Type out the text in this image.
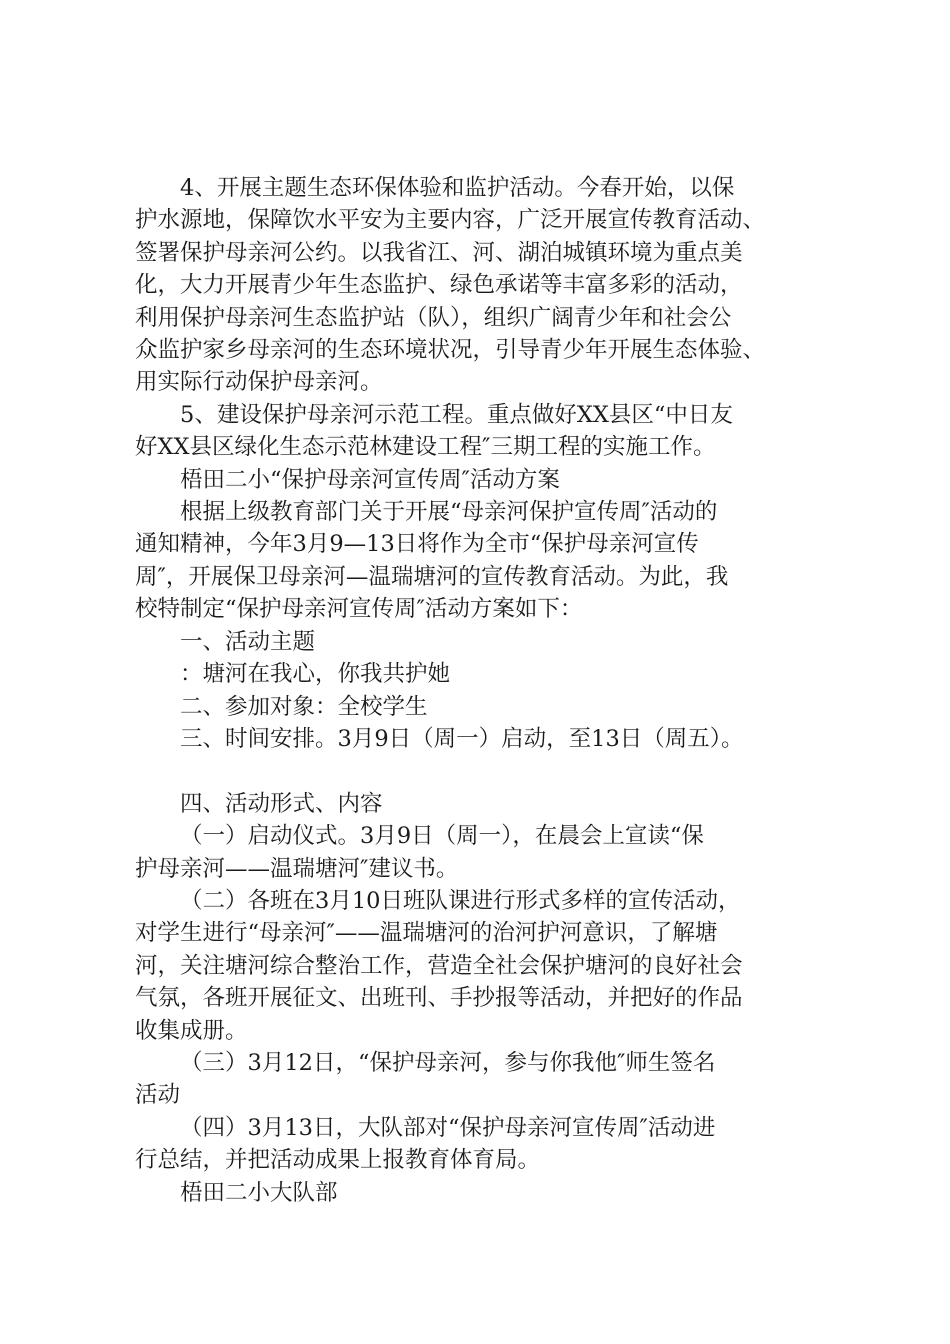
4、开展主题生态环保体验和监护活动。今春开始，以保
护水源地，保障饮水平安为主要内容，广泛开展宣传教育活动、
签署保护母亲河公约。以我省江、河、湖泊城镇环境为重点美
化，大力开展青少年生态监护、绿色承诺等丰富多彩的活动，
利用保护母亲河生态监护站（队），组织广阔青少年和社会公
众监护家乡母亲河的生态环境状况，引导青少年开展生态体验、
用实际行动保护母亲河。

5、建设保护母亲河示范工程。重点做好XX县区“中日友
好XX县区绿化生态示范林建设工程″三期工程的实施工作。

梧田二小“保护母亲河宣传周″活动方案

根据上级教育部门关于开展“母亲河保护宣传周″活动的
通知精神，今年3月9—13日将作为全市“保护母亲河宣传
周″，开展保卫母亲河—温瑞塘河的宣传教育活动。为此，我
校特制定“保护母亲河宣传周″活动方案如下：

一、活动主题

：塘河在我心，你我共护她

二、参加对象：全校学生

三、时间安排。3月9日（周一）启动，至13日（周五）。

四、活动形式、内容

（一）启动仪式。3月9日（周一），在晨会上宣读“保
护母亲河——温瑞塘河″建议书。

（二）各班在3月10日班队课进行形式多样的宣传活动，
对学生进行“母亲河″——温瑞塘河的治河护河意识，了解塘
河，关注塘河综合整治工作，营造全社会保护塘河的良好社会
气氛，各班开展征文、出班刊、手抄报等活动，并把好的作品
收集成册。

（三）3月12日，“保护母亲河，参与你我他″师生签名
活动

（四）3月13日，大队部对“保护母亲河宣传周″活动进
行总结，并把活动成果上报教育体育局。

梧田二小大队部
